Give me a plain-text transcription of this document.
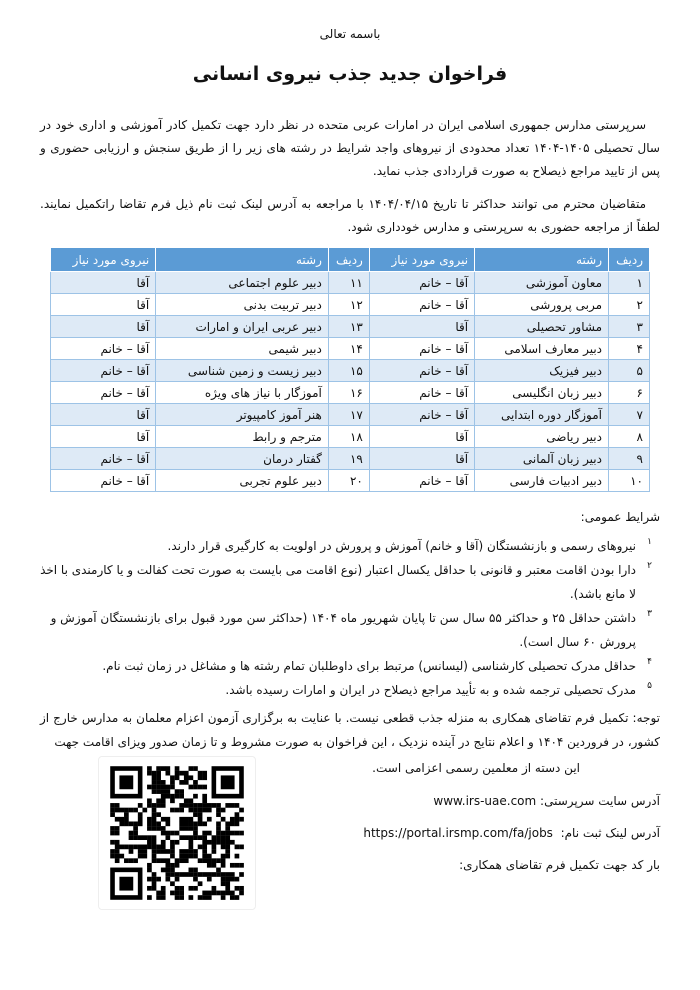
باسمه تعالی
فراخوان جدید جذب نیروی انسانی
سرپرستی مدارس جمهوری اسلامی ایران در امارات عربی متحده در نظر دارد جهت تکمیل کادر آموزشی و اداری خود در سال تحصیلی ۱۴۰۵-۱۴۰۴ تعداد محدودی از نیروهای واجد شرایط در رشته های زیر را از طریق سنجش و ارزیابی حضوری و پس از تایید مراجع ذیصلاح به صورت قراردادی جذب نماید.
متقاضیان محترم می توانند حداکثر تا تاریخ ۱۴۰۴/۰۴/۱۵ با مراجعه به آدرس لینک ثبت نام ذیل فرم تقاضا راتکمیل نمایند. لطفاً از مراجعه حضوری به سرپرستی و مدارس خودداری شود.
ردیف	رشته	نیروی مورد نیاز	ردیف	رشته	نیروی مورد نیاز
۱	معاون آموزشی	آقا – خانم	۱۱	دبیر علوم اجتماعی	آقا
۲	مربی پرورشی	آقا – خانم	۱۲	دبیر تربیت بدنی	آقا
۳	مشاور تحصیلی	آقا	۱۳	دبیر عربی ایران و امارات	آقا
۴	دبیر معارف اسلامی	آقا – خانم	۱۴	دبیر شیمی	آقا – خانم
۵	دبیر فیزیک	آقا – خانم	۱۵	دبیر زیست و زمین شناسی	آقا – خانم
۶	دبیر زبان انگلیسی	آقا – خانم	۱۶	آموزگار با نیاز های ویژه	آقا – خانم
۷	آموزگار دوره ابتدایی	آقا – خانم	۱۷	هنر آموز کامپیوتر	آقا
۸	دبیر ریاضی	آقا	۱۸	مترجم و رابط	آقا
۹	دبیر زبان آلمانی	آقا	۱۹	گفتار درمان	آقا – خانم
۱۰	دبیر ادبیات فارسی	آقا – خانم	۲۰	دبیر علوم تجربی	آقا – خانم
شرایط عمومی:
۱
نیروهای رسمی و بازنشستگان (آقا و خانم) آموزش و پرورش در اولویت به کارگیری قرار دارند.
۲
دارا بودن اقامت معتبر و قانونی با حداقل یکسال اعتبار (نوع اقامت می بایست به صورت تحت کفالت و یا کارمندی با اخذ لا مانع باشد).
۳
داشتن حداقل ۲۵ و حداکثر ۵۵ سال سن تا پایان شهریور ماه ۱۴۰۴ (حداکثر سن مورد قبول برای بازنشستگان آموزش و پرورش ۶۰ سال است).
۴
حداقل مدرک تحصیلی کارشناسی (لیسانس) مرتبط برای داوطلبان تمام رشته ها و مشاغل در زمان ثبت نام.
۵
مدرک تحصیلی ترجمه شده و به تأیید مراجع ذیصلاح در ایران و امارات رسیده باشد.
توجه: تکمیل فرم تقاضای همکاری به منزله جذب قطعی نیست. با عنایت به برگزاری آزمون اعزام معلمان به مدارس خارج از کشور، در فروردین ۱۴۰۴ و اعلام نتایج در آینده نزدیک ، این فراخوان به صورت مشروط و تا زمان صدور ویزای اقامت جهت
این دسته از معلمین رسمی اعزامی است.
آدرس سایت سرپرستی: www.irs-uae.com
آدرس لینک ثبت نام:  https://portal.irsmp.com/fa/jobs
بار کد جهت تکمیل فرم تقاضای همکاری:
